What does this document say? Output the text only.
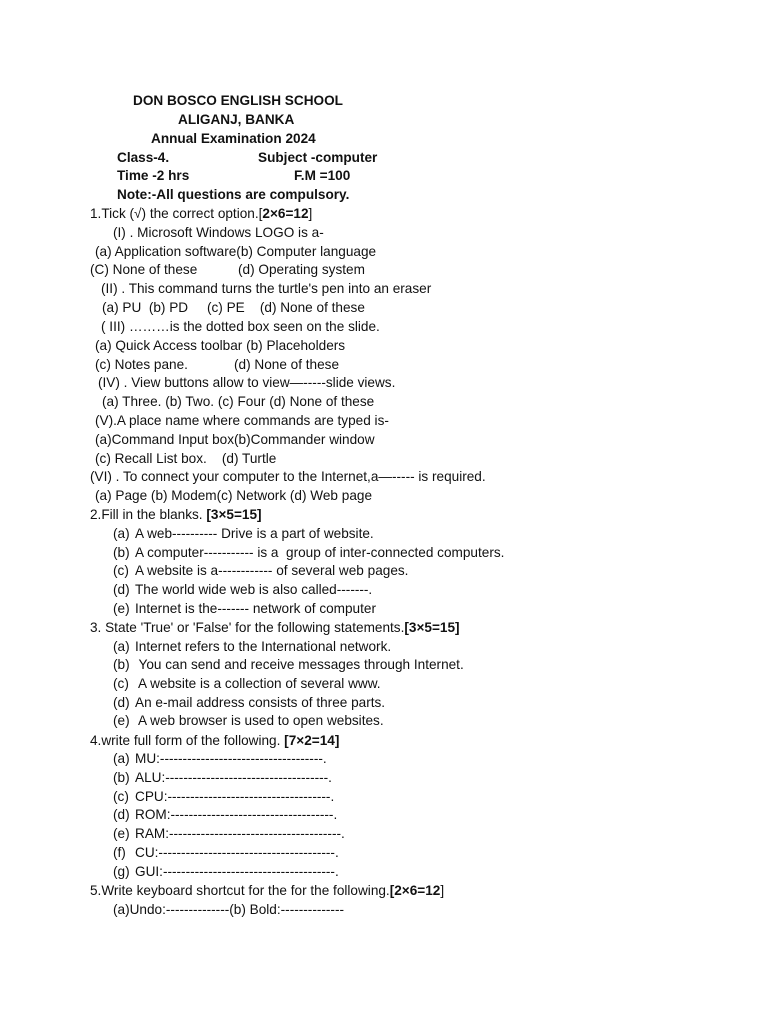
DON BOSCO ENGLISH SCHOOL
ALIGANJ, BANKA
Annual Examination 2024
Class-4.	Subject -computer
Time -2 hrs	F.M =100
Note:-All questions are compulsory.
1.Tick (√) the correct option.[2×6=12]
(I) . Microsoft Windows LOGO is a-
(a) Application software(b) Computer language
(C) None of these	(d) Operating system
(II) . This command turns the turtle's pen into an eraser
(a) PU  (b) PD     (c) PE    (d) None of these
( III) ………is the dotted box seen on the slide.
(a) Quick Access toolbar (b) Placeholders
(c) Notes pane.	(d) None of these
(IV) . View buttons allow to view—-----slide views.
(a) Three. (b) Two. (c) Four (d) None of these
(V).A place name where commands are typed is-
(a)Command Input box(b)Commander window
(c) Recall List box.    (d) Turtle
(VI) . To connect your computer to the Internet,a—----- is required.
(a) Page (b) Modem(c) Network (d) Web page
2.Fill in the blanks. [3×5=15]
(a) A web---------- Drive is a part of website.
(b) A computer----------- is a  group of inter-connected computers.
(c) A website is a------------ of several web pages.
(d) The world wide web is also called-------.
(e) Internet is the------- network of computer
3. State 'True' or 'False' for the following statements.[3×5=15]
(a) Internet refers to the International network.
(b) You can send and receive messages through Internet.
(c) A website is a collection of several www.
(d) An e-mail address consists of three parts.
(e) A web browser is used to open websites.
4.write full form of the following. [7×2=14]
(a) MU:------------------------------------.
(b) ALU:------------------------------------.
(c) CPU:------------------------------------.
(d) ROM:------------------------------------.
(e) RAM:--------------------------------------.
(f) CU:---------------------------------------.
(g) GUI:--------------------------------------.
5.Write keyboard shortcut for the for the following.[2×6=12]
(a)Undo:--------------(b) Bold:--------------
